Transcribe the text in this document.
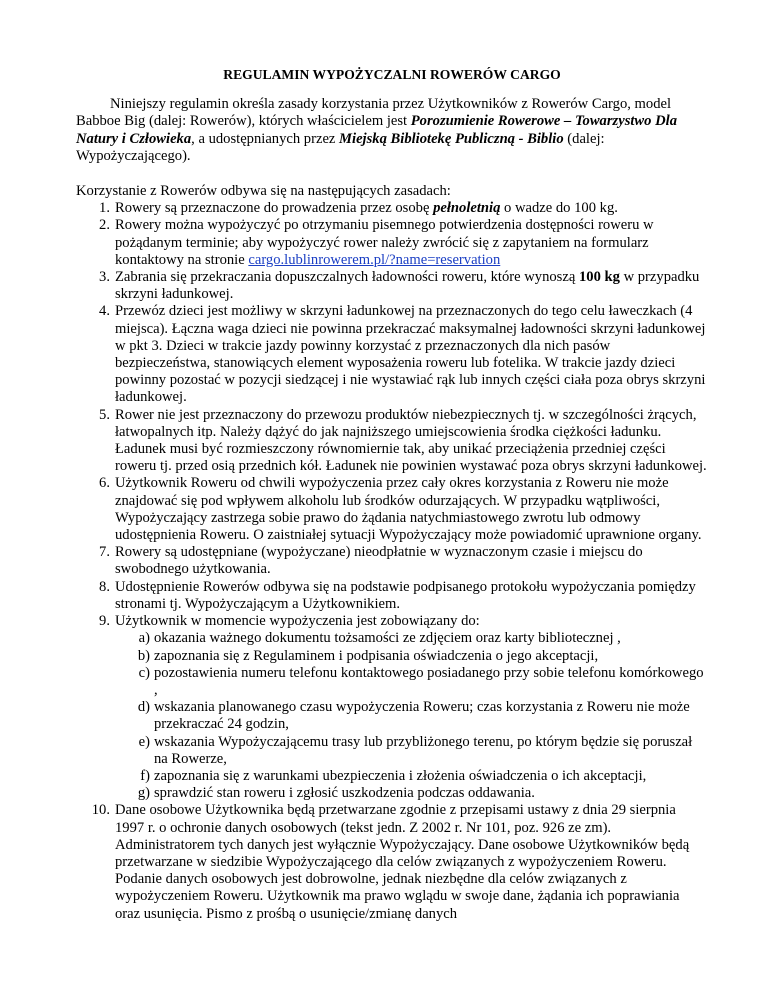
REGULAMIN WYPOŻYCZALNI ROWERÓW CARGO

Niniejszy regulamin określa zasady korzystania przez Użytkowników z Rowerów Cargo, model Babboe Big (dalej: Rowerów), których właścicielem jest Porozumienie Rowerowe – Towarzystwo Dla Natury i Człowieka, a udostępnianych przez Miejską Bibliotekę Publiczną - Biblio (dalej: Wypożyczającego).

Korzystanie z Rowerów odbywa się na następujących zasadach:

1. Rowery są przeznaczone do prowadzenia przez osobę pełnoletnią o wadze do 100 kg.
2. Rowery można wypożyczyć po otrzymaniu pisemnego potwierdzenia dostępności roweru w pożądanym terminie; aby wypożyczyć rower należy zwrócić się z zapytaniem na formularz kontaktowy na stronie cargo.lublinrowerem.pl/?name=reservation
3. Zabrania się przekraczania dopuszczalnych ładowności roweru, które wynoszą 100 kg w przypadku skrzyni ładunkowej.
4. Przewóz dzieci jest możliwy w skrzyni ładunkowej na przeznaczonych do tego celu ławeczkach (4 miejsca). Łączna waga dzieci nie powinna przekraczać maksymalnej ładowności skrzyni ładunkowej w pkt 3. Dzieci w trakcie jazdy powinny korzystać z przeznaczonych dla nich pasów bezpieczeństwa, stanowiących element wyposażenia roweru lub fotelika. W trakcie jazdy dzieci powinny pozostać w pozycji siedzącej i nie wystawiać rąk lub innych części ciała poza obrys skrzyni ładunkowej.
5. Rower nie jest przeznaczony do przewozu produktów niebezpiecznych tj. w szczególności żrących, łatwopalnych itp. Należy dążyć do jak najniższego umiejscowienia środka ciężkości ładunku. Ładunek musi być rozmieszczony równomiernie tak, aby unikać przeciążenia przedniej części roweru tj. przed osią przednich kół. Ładunek nie powinien wystawać poza obrys skrzyni ładunkowej.
6. Użytkownik Roweru od chwili wypożyczenia przez cały okres korzystania z Roweru nie może znajdować się pod wpływem alkoholu lub środków odurzających. W przypadku wątpliwości, Wypożyczający zastrzega sobie prawo do żądania natychmiastowego zwrotu lub odmowy udostępnienia Roweru. O zaistniałej sytuacji Wypożyczający może powiadomić uprawnione organy.
7. Rowery są udostępniane (wypożyczane) nieodpłatnie w wyznaczonym czasie i miejscu do swobodnego użytkowania.
8. Udostępnienie Rowerów odbywa się na podstawie podpisanego protokołu wypożyczania pomiędzy stronami tj. Wypożyczającym a Użytkownikiem.
9. Użytkownik w momencie wypożyczenia jest zobowiązany do:
a) okazania ważnego dokumentu tożsamości ze zdjęciem oraz karty bibliotecznej ,
b) zapoznania się z Regulaminem i podpisania oświadczenia o jego akceptacji,
c) pozostawienia numeru telefonu kontaktowego posiadanego przy sobie telefonu komórkowego ,
d) wskazania planowanego czasu wypożyczenia Roweru; czas korzystania z Roweru nie może przekraczać 24 godzin,
e) wskazania Wypożyczającemu trasy lub przybliżonego terenu, po którym będzie się poruszał na Rowerze,
f) zapoznania się z warunkami ubezpieczenia i złożenia oświadczenia o ich akceptacji,
g) sprawdzić stan roweru i zgłosić uszkodzenia podczas oddawania.
10. Dane osobowe Użytkownika będą przetwarzane zgodnie z przepisami ustawy z dnia 29 sierpnia 1997 r. o ochronie danych osobowych (tekst jedn. Z 2002 r. Nr 101, poz. 926 ze zm). Administratorem tych danych jest wyłącznie Wypożyczający. Dane osobowe Użytkowników będą przetwarzane w siedzibie Wypożyczającego dla celów związanych z wypożyczeniem Roweru. Podanie danych osobowych jest dobrowolne, jednak niezbędne dla celów związanych z wypożyczeniem Roweru. Użytkownik ma prawo wglądu w swoje dane, żądania ich poprawiania oraz usunięcia. Pismo z prośbą o usunięcie/zmianę danych
